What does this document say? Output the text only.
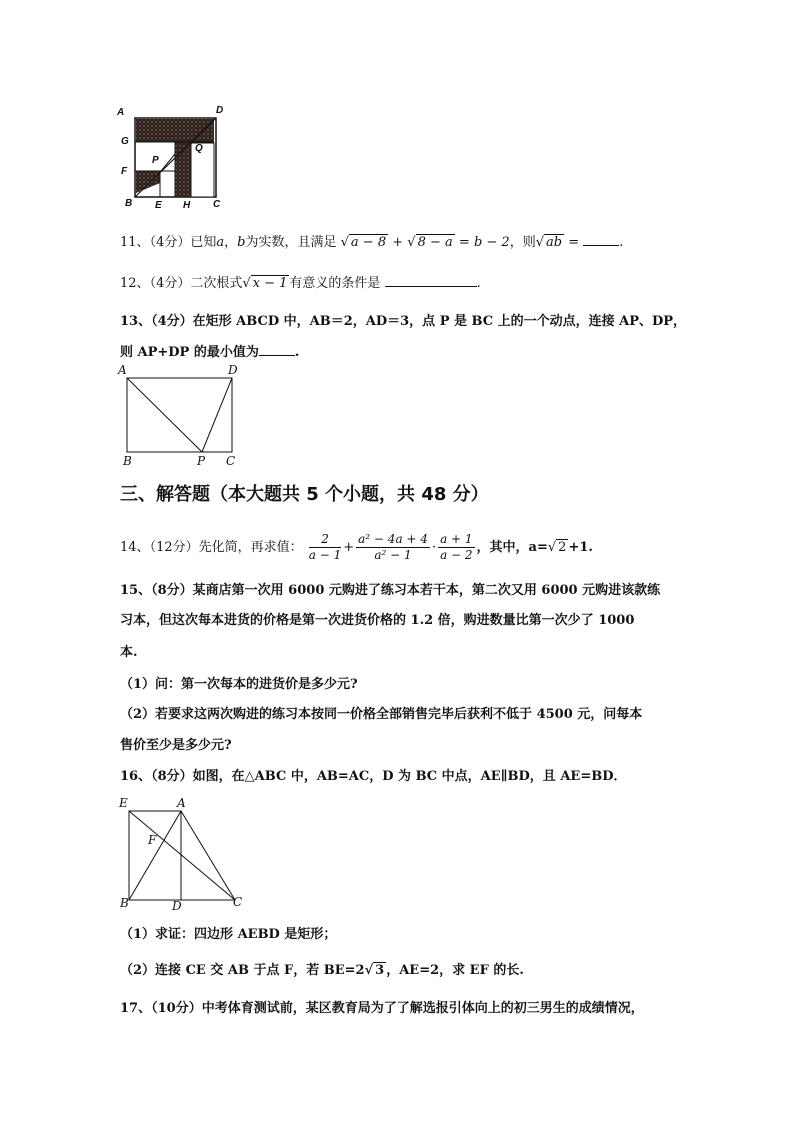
A	D
G
Q
P
F
B E H C
11、（4分）已知a，b为实数，且满足 √ a − 8 + √ 8 − a = b − 2，则√ ab =	.
12、（4分）二次根式√ x − 1 有意义的条件是	.
13、（4分）在矩形 ABCD 中，AB＝2，AD＝3，点 P 是 BC 上的一个动点，连接 AP、DP，
则 AP+DP 的最小值为	.
A	D
B	P C
三、解答题（本大题共 5 个小题，共 48 分）
14、（12分）先化简，再求值： $\frac{2}{a - 1} + \frac{\text{a² − 4a + 4}}{\text{a² − 1}} \cdot \frac{a + 1}{a - 2}$ ，其中，a=√ 2 +1.
15、（8分）某商店第一次用 6000 元购进了练习本若干本，第二次又用 6000 元购进该款练
习本，但这次每本进货的价格是第一次进货价格的 1.2 倍，购进数量比第一次少了 1000
本.
（1）问：第一次每本的进货价是多少元?
（2）若要求这两次购进的练习本按同一价格全部销售完毕后获利不低于 4500 元，问每本
售价至少是多少元?
16、（8分）如图，在△ABC 中，AB=AC，D 为 BC 中点，AE∥BD，且 AE=BD．
E	A
F
B	D	C
（1）求证：四边形 AEBD 是矩形；
（2）连接 CE 交 AB 于点 F，若 BE=2√ 3 ，AE=2，求 EF 的长.
17、（10分）中考体育测试前，某区教育局为了了解选报引体向上的初三男生的成绩情况，
